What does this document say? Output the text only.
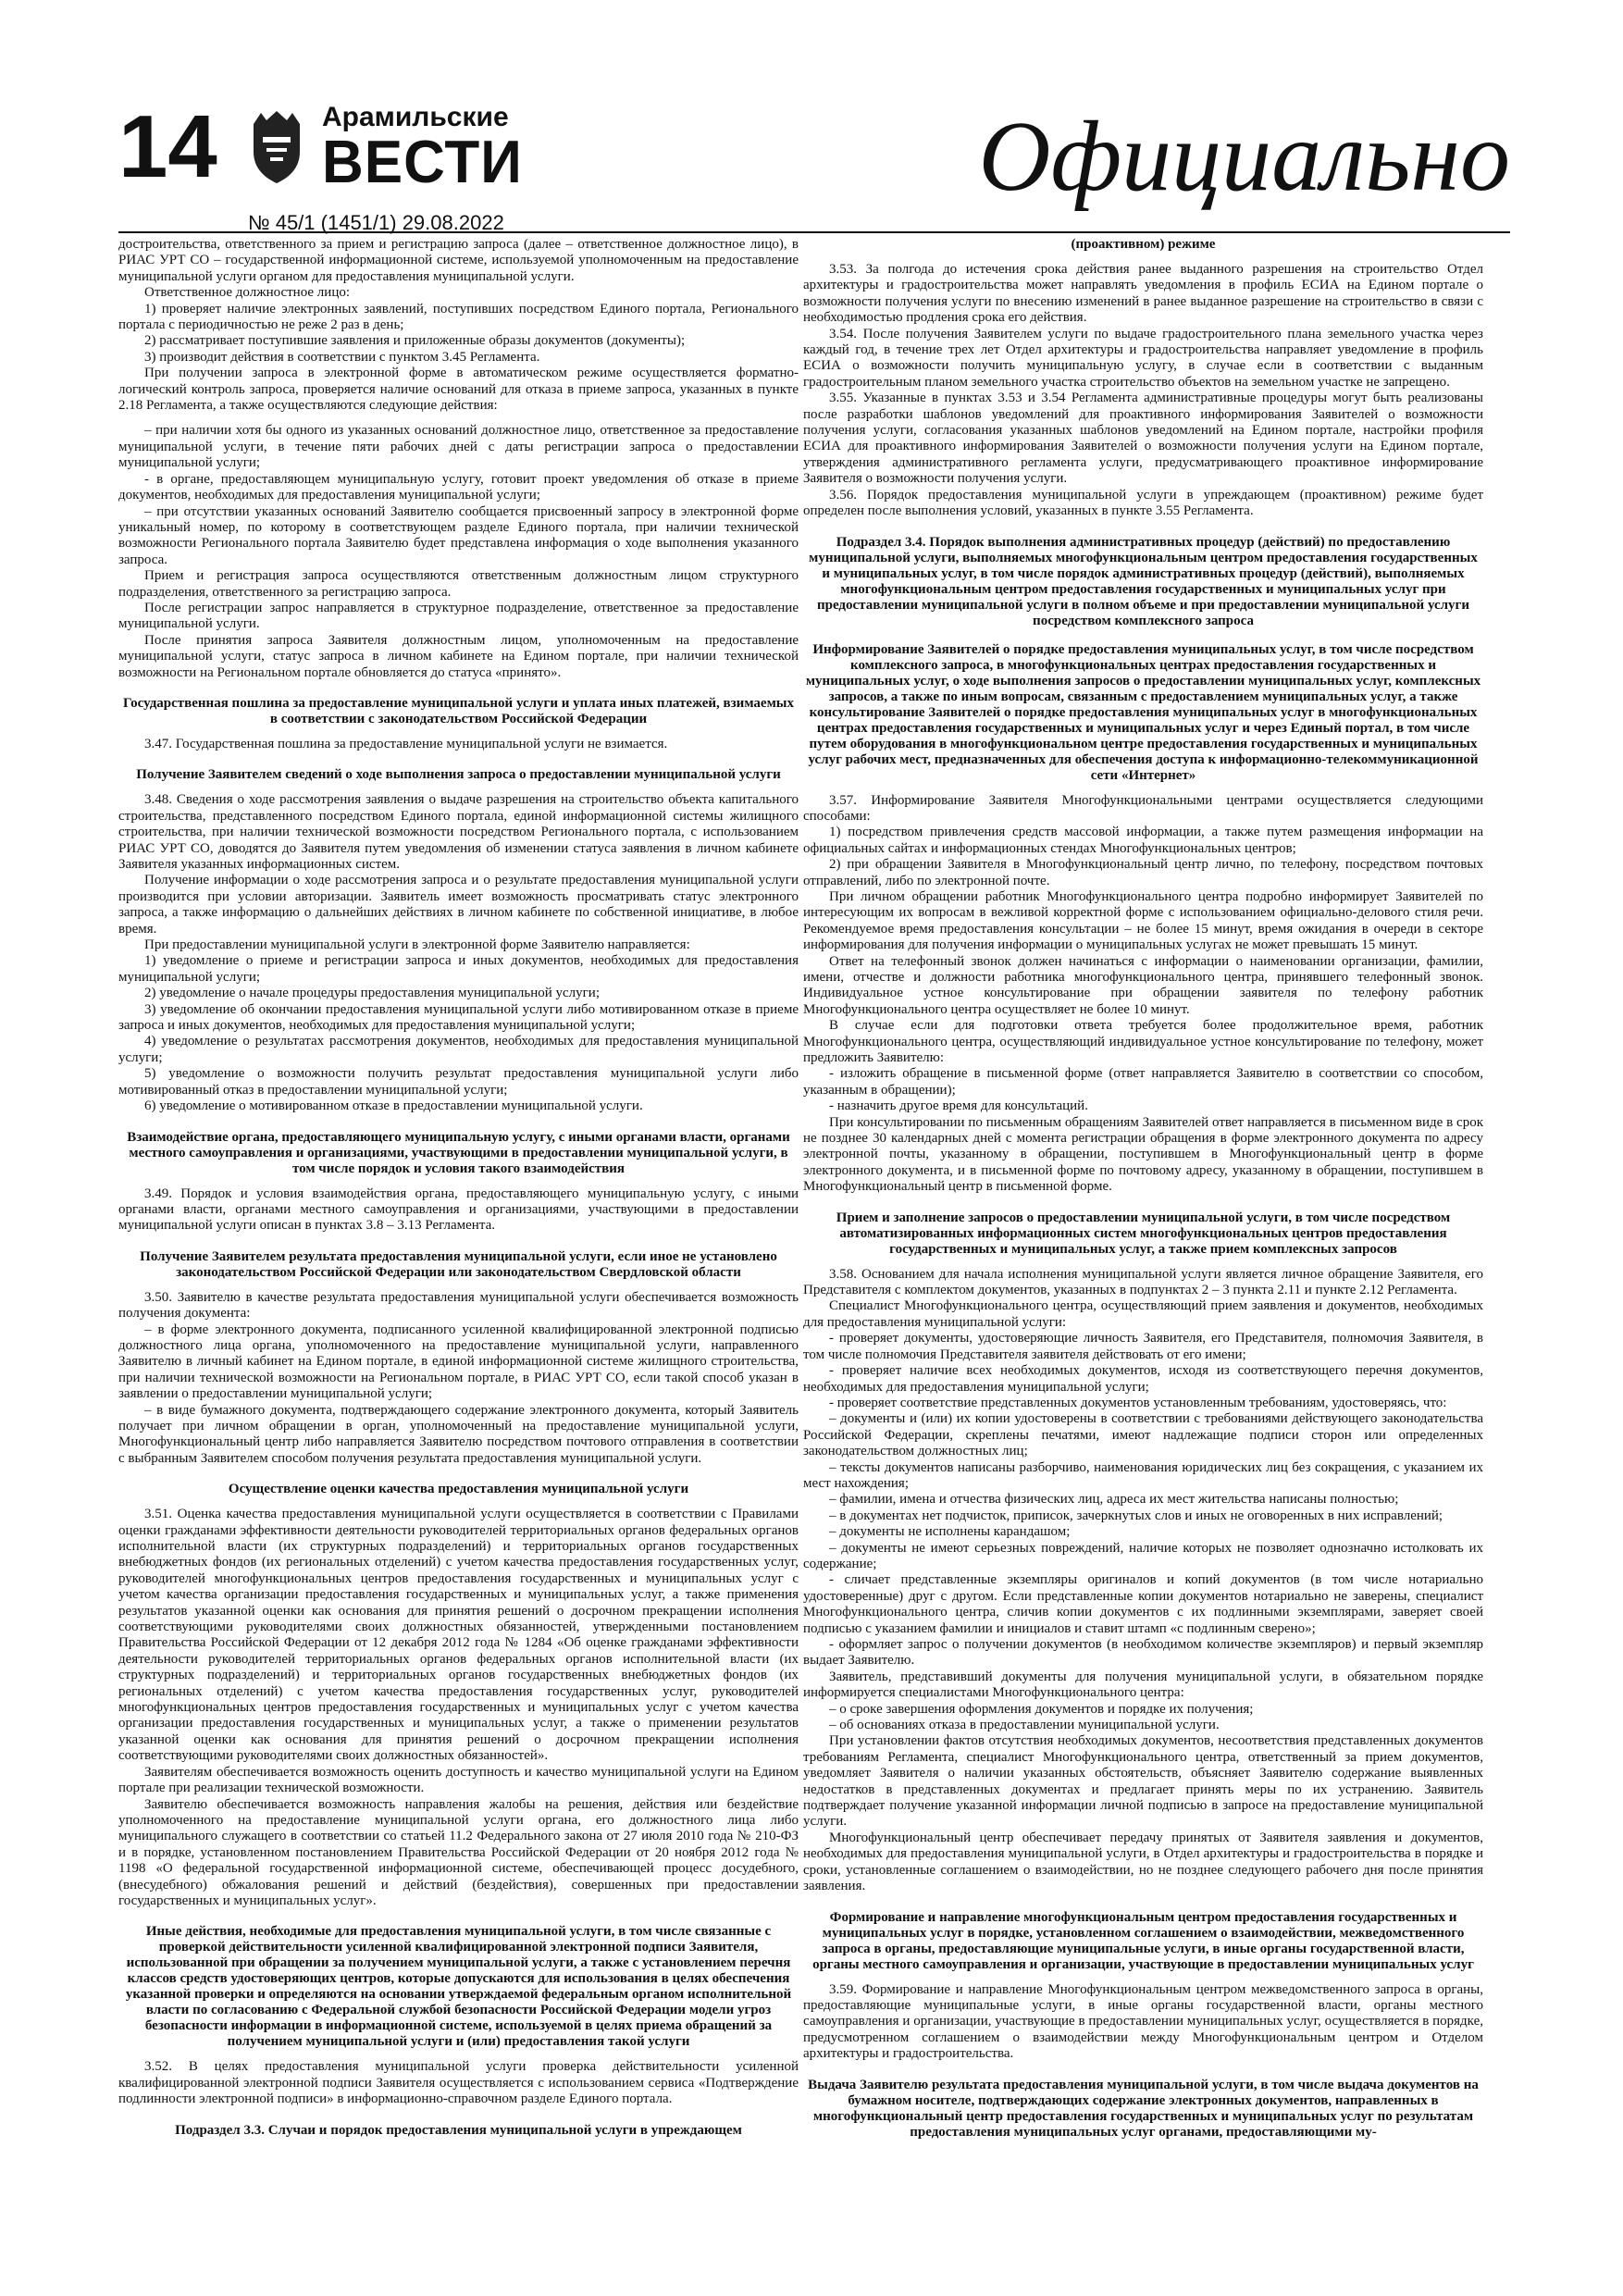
14	Арамильские
ВЕСТИ
№ 45/1 (1451/1) 29.08.2022
Официально

достроительства, ответственного за прием и регистрацию запроса (далее – ответственное должностное лицо), в РИАС УРТ СО – государственной информационной системе, используемой уполномоченным на предоставление муниципальной услуги органом для предоставления муниципальной услуги.

Ответственное должностное лицо:

1) проверяет наличие электронных заявлений, поступивших посредством Единого портала, Регионального портала с периодичностью не реже 2 раз в день;

2) рассматривает поступившие заявления и приложенные образы документов (документы);

3) производит действия в соответствии с пунктом 3.45 Регламента.

При получении запроса в электронной форме в автоматическом режиме осуществляется форматно-логический контроль запроса, проверяется наличие оснований для отказа в приеме запроса, указанных в пункте 2.18 Регламента, а также осуществляются следующие действия:

– при наличии хотя бы одного из указанных оснований должностное лицо, ответственное за предоставление муниципальной услуги, в течение пяти рабочих дней с даты регистрации запроса о предоставлении муниципальной услуги;

- в органе, предоставляющем муниципальную услугу, готовит проект уведомления об отказе в приеме документов, необходимых для предоставления муниципальной услуги;

– при отсутствии указанных оснований Заявителю сообщается присвоенный запросу в электронной форме уникальный номер, по которому в соответствующем разделе Единого портала, при наличии технической возможности Регионального портала Заявителю будет представлена информация о ходе выполнения указанного запроса.

Прием и регистрация запроса осуществляются ответственным должностным лицом структурного подразделения, ответственного за регистрацию запроса.

После регистрации запрос направляется в структурное подразделение, ответственное за предоставление муниципальной услуги.

После принятия запроса Заявителя должностным лицом, уполномоченным на предоставление муниципальной услуги, статус запроса в личном кабинете на Едином портале, при наличии технической возможности на Региональном портале обновляется до статуса «принято».

Государственная пошлина за предоставление муниципальной услуги и уплата иных платежей, взимаемых в соответствии с законодательством Российской Федерации

3.47. Государственная пошлина за предоставление муниципальной услуги не взимается.

Получение Заявителем сведений о ходе выполнения запроса о предоставлении муниципальной услуги

3.48. Сведения о ходе рассмотрения заявления о выдаче разрешения на строительство объекта капитального строительства, представленного посредством Единого портала, единой информационной системы жилищного строительства, при наличии технической возможности посредством Регионального портала, с использованием РИАС УРТ СО, доводятся до Заявителя путем уведомления об изменении статуса заявления в личном кабинете Заявителя указанных информационных систем.

Получение информации о ходе рассмотрения запроса и о результате предоставления муниципальной услуги производится при условии авторизации. Заявитель имеет возможность просматривать статус электронного запроса, а также информацию о дальнейших действиях в личном кабинете по собственной инициативе, в любое время.

При предоставлении муниципальной услуги в электронной форме Заявителю направляется:

1) уведомление о приеме и регистрации запроса и иных документов, необходимых для предоставления муниципальной услуги;

2) уведомление о начале процедуры предоставления муниципальной услуги;

3) уведомление об окончании предоставления муниципальной услуги либо мотивированном отказе в приеме запроса и иных документов, необходимых для предоставления муниципальной услуги;

4) уведомление о результатах рассмотрения документов, необходимых для предоставления муниципальной услуги;

5) уведомление о возможности получить результат предоставления муниципальной услуги либо мотивированный отказ в предоставлении муниципальной услуги;

6) уведомление о мотивированном отказе в предоставлении муниципальной услуги.

Взаимодействие органа, предоставляющего муниципальную услугу, с иными органами власти, органами местного самоуправления и организациями, участвующими в предоставлении муниципальной услуги, в том числе порядок и условия такого взаимодействия

3.49. Порядок и условия взаимодействия органа, предоставляющего муниципальную услугу, с иными органами власти, органами местного самоуправления и организациями, участвующими в предоставлении муниципальной услуги описан в пунктах 3.8 – 3.13 Регламента.

Получение Заявителем результата предоставления муниципальной услуги, если иное не установлено законодательством Российской Федерации или законодательством Свердловской области

3.50. Заявителю в качестве результата предоставления муниципальной услуги обеспечивается возможность получения документа:

– в форме электронного документа, подписанного усиленной квалифицированной электронной подписью должностного лица органа, уполномоченного на предоставление муниципальной услуги, направленного Заявителю в личный кабинет на Едином портале, в единой информационной системе жилищного строительства, при наличии технической возможности на Региональном портале, в РИАС УРТ СО, если такой способ указан в заявлении о предоставлении муниципальной услуги;

– в виде бумажного документа, подтверждающего содержание электронного документа, который Заявитель получает при личном обращении в орган, уполномоченный на предоставление муниципальной услуги, Многофункциональный центр либо направляется Заявителю посредством почтового отправления в соответствии с выбранным Заявителем способом получения результата предоставления муниципальной услуги.

Осуществление оценки качества предоставления муниципальной услуги

3.51. Оценка качества предоставления муниципальной услуги осуществляется в соответствии с Правилами оценки гражданами эффективности деятельности руководителей территориальных органов федеральных органов исполнительной власти (их структурных подразделений) и территориальных органов государственных внебюджетных фондов (их региональных отделений) с учетом качества предоставления государственных услуг, руководителей многофункциональных центров предоставления государственных и муниципальных услуг с учетом качества организации предоставления государственных и муниципальных услуг, а также применения результатов указанной оценки как основания для принятия решений о досрочном прекращении исполнения соответствующими руководителями своих должностных обязанностей, утвержденными постановлением Правительства Российской Федерации от 12 декабря 2012 года № 1284 «Об оценке гражданами эффективности деятельности руководителей территориальных органов федеральных органов исполнительной власти (их структурных подразделений) и территориальных органов государственных внебюджетных фондов (их региональных отделений) с учетом качества предоставления государственных услуг, руководителей многофункциональных центров предоставления государственных и муниципальных услуг с учетом качества организации предоставления государственных и муниципальных услуг, а также о применении результатов указанной оценки как основания для принятия решений о досрочном прекращении исполнения соответствующими руководителями своих должностных обязанностей».

Заявителям обеспечивается возможность оценить доступность и качество муниципальной услуги на Едином портале при реализации технической возможности.

Заявителю обеспечивается возможность направления жалобы на решения, действия или бездействие уполномоченного на предоставление муниципальной услуги органа, его должностного лица либо муниципального служащего в соответствии со статьей 11.2 Федерального закона от 27 июля 2010 года № 210-ФЗ и в порядке, установленном постановлением Правительства Российской Федерации от 20 ноября 2012 года № 1198 «О федеральной государственной информационной системе, обеспечивающей процесс досудебного, (внесудебного) обжалования решений и действий (бездействия), совершенных при предоставлении государственных и муниципальных услуг».

Иные действия, необходимые для предоставления муниципальной услуги, в том числе связанные с проверкой действительности усиленной квалифицированной электронной подписи Заявителя, использованной при обращении за получением муниципальной услуги, а также с установлением перечня классов средств удостоверяющих центров, которые допускаются для использования в целях обеспечения указанной проверки и определяются на основании утверждаемой федеральным органом исполнительной власти по согласованию с Федеральной службой безопасности Российской Федерации модели угроз безопасности информации в информационной системе, используемой в целях приема обращений за получением муниципальной услуги и (или) предоставления такой услуги

3.52. В целях предоставления муниципальной услуги проверка действительности усиленной квалифицированной электронной подписи Заявителя осуществляется с использованием сервиса «Подтверждение подлинности электронной подписи» в информационно-справочном разделе Единого портала.

Подраздел 3.3. Случаи и порядок предоставления муниципальной услуги в упреждающем
(проактивном) режиме

3.53. За полгода до истечения срока действия ранее выданного разрешения на строительство Отдел архитектуры и градостроительства может направлять уведомления в профиль ЕСИА на Едином портале о возможности получения услуги по внесению изменений в ранее выданное разрешение на строительство в связи с необходимостью продления срока его действия.

3.54. После получения Заявителем услуги по выдаче градостроительного плана земельного участка через каждый год, в течение трех лет Отдел архитектуры и градостроительства направляет уведомление в профиль ЕСИА о возможности получить муниципальную услугу, в случае если в соответствии с выданным градостроительным планом земельного участка строительство объектов на земельном участке не запрещено.

3.55. Указанные в пунктах 3.53 и 3.54 Регламента административные процедуры могут быть реализованы после разработки шаблонов уведомлений для проактивного информирования Заявителей о возможности получения услуги, согласования указанных шаблонов уведомлений на Едином портале, настройки профиля ЕСИА для проактивного информирования Заявителей о возможности получения услуги на Едином портале, утверждения административного регламента услуги, предусматривающего проактивное информирование Заявителя о возможности получения услуги.

3.56. Порядок предоставления муниципальной услуги в упреждающем (проактивном) режиме будет определен после выполнения условий, указанных в пункте 3.55 Регламента.

Подраздел 3.4. Порядок выполнения административных процедур (действий) по предоставлению муниципальной услуги, выполняемых многофункциональным центром предоставления государственных и муниципальных услуг, в том числе порядок административных процедур (действий), выполняемых многофункциональным центром предоставления государственных и муниципальных услуг при предоставлении муниципальной услуги в полном объеме и при предоставлении муниципальной услуги посредством комплексного запроса
Информирование Заявителей о порядке предоставления муниципальных услуг, в том числе посредством комплексного запроса, в многофункциональных центрах предоставления государственных и муниципальных услуг, о ходе выполнения запросов о предоставлении муниципальных услуг, комплексных запросов, а также по иным вопросам, связанным с предоставлением муниципальных услуг, а также консультирование Заявителей о порядке предоставления муниципальных услуг в многофункциональных центрах предоставления государственных и муниципальных услуг и через Единый портал, в том числе путем оборудования в многофункциональном центре предоставления государственных и муниципальных услуг рабочих мест, предназначенных для обеспечения доступа к информационно-телекоммуникационной сети «Интернет»

3.57. Информирование Заявителя Многофункциональными центрами осуществляется следующими способами:

1) посредством привлечения средств массовой информации, а также путем размещения информации на официальных сайтах и информационных стендах Многофункциональных центров;

2) при обращении Заявителя в Многофункциональный центр лично, по телефону, посредством почтовых отправлений, либо по электронной почте.

При личном обращении работник Многофункционального центра подробно информирует Заявителей по интересующим их вопросам в вежливой корректной форме с использованием официально-делового стиля речи. Рекомендуемое время предоставления консультации – не более 15 минут, время ожидания в очереди в секторе информирования для получения информации о муниципальных услугах не может превышать 15 минут.

Ответ на телефонный звонок должен начинаться с информации о наименовании организации, фамилии, имени, отчестве и должности работника многофункционального центра, принявшего телефонный звонок. Индивидуальное устное консультирование при обращении заявителя по телефону работник Многофункционального центра осуществляет не более 10 минут.

В случае если для подготовки ответа требуется более продолжительное время, работник Многофункционального центра, осуществляющий индивидуальное устное консультирование по телефону, может предложить Заявителю:

- изложить обращение в письменной форме (ответ направляется Заявителю в соответствии со способом, указанным в обращении);

- назначить другое время для консультаций.

При консультировании по письменным обращениям Заявителей ответ направляется в письменном виде в срок не позднее 30 календарных дней с момента регистрации обращения в форме электронного документа по адресу электронной почты, указанному в обращении, поступившем в Многофункциональный центр в форме электронного документа, и в письменной форме по почтовому адресу, указанному в обращении, поступившем в Многофункциональный центр в письменной форме.

Прием и заполнение запросов о предоставлении муниципальной услуги, в том числе посредством автоматизированных информационных систем многофункциональных центров предоставления государственных и муниципальных услуг, а также прием комплексных запросов

3.58. Основанием для начала исполнения муниципальной услуги является личное обращение Заявителя, его Представителя с комплектом документов, указанных в подпунктах 2 – 3 пункта 2.11 и пункте 2.12 Регламента.

Специалист Многофункционального центра, осуществляющий прием заявления и документов, необходимых для предоставления муниципальной услуги:

- проверяет документы, удостоверяющие личность Заявителя, его Представителя, полномочия Заявителя, в том числе полномочия Представителя заявителя действовать от его имени;

- проверяет наличие всех необходимых документов, исходя из соответствующего перечня документов, необходимых для предоставления муниципальной услуги;

- проверяет соответствие представленных документов установленным требованиям, удостоверяясь, что:

– документы и (или) их копии удостоверены в соответствии с требованиями действующего законодательства Российской Федерации, скреплены печатями, имеют надлежащие подписи сторон или определенных законодательством должностных лиц;

– тексты документов написаны разборчиво, наименования юридических лиц без сокращения, с указанием их мест нахождения;

– фамилии, имена и отчества физических лиц, адреса их мест жительства написаны полностью;

– в документах нет подчисток, приписок, зачеркнутых слов и иных не оговоренных в них исправлений;

– документы не исполнены карандашом;

– документы не имеют серьезных повреждений, наличие которых не позволяет однозначно истолковать их содержание;

- сличает представленные экземпляры оригиналов и копий документов (в том числе нотариально удостоверенные) друг с другом. Если представленные копии документов нотариально не заверены, специалист Многофункционального центра, сличив копии документов с их подлинными экземплярами, заверяет своей подписью с указанием фамилии и инициалов и ставит штамп «с подлинным сверено»;

- оформляет запрос о получении документов (в необходимом количестве экземпляров) и первый экземпляр выдает Заявителю.

Заявитель, представивший документы для получения муниципальной услуги, в обязательном порядке информируется специалистами Многофункционального центра:

– о сроке завершения оформления документов и порядке их получения;

– об основаниях отказа в предоставлении муниципальной услуги.

При установлении фактов отсутствия необходимых документов, несоответствия представленных документов требованиям Регламента, специалист Многофункционального центра, ответственный за прием документов, уведомляет Заявителя о наличии указанных обстоятельств, объясняет Заявителю содержание выявленных недостатков в представленных документах и предлагает принять меры по их устранению. Заявитель подтверждает получение указанной информации личной подписью в запросе на предоставление муниципальной услуги.

Многофункциональный центр обеспечивает передачу принятых от Заявителя заявления и документов, необходимых для предоставления муниципальной услуги, в Отдел архитектуры и градостроительства в порядке и сроки, установленные соглашением о взаимодействии, но не позднее следующего рабочего дня после принятия заявления.

Формирование и направление многофункциональным центром предоставления государственных и муниципальных услуг в порядке, установленном соглашением о взаимодействии, межведомственного запроса в органы, предоставляющие муниципальные услуги, в иные органы государственной власти, органы местного самоуправления и организации, участвующие в предоставлении муниципальных услуг

3.59. Формирование и направление Многофункциональным центром межведомственного запроса в органы, предоставляющие муниципальные услуги, в иные органы государственной власти, органы местного самоуправления и организации, участвующие в предоставлении муниципальных услуг, осуществляется в порядке, предусмотренном соглашением о взаимодействии между Многофункциональным центром и Отделом архитектуры и градостроительства.

Выдача Заявителю результата предоставления муниципальной услуги, в том числе выдача документов на бумажном носителе, подтверждающих содержание электронных документов, направленных в многофункциональный центр предоставления государственных и муниципальных услуг по результатам предоставления муниципальных услуг органами, предоставляющими му-
